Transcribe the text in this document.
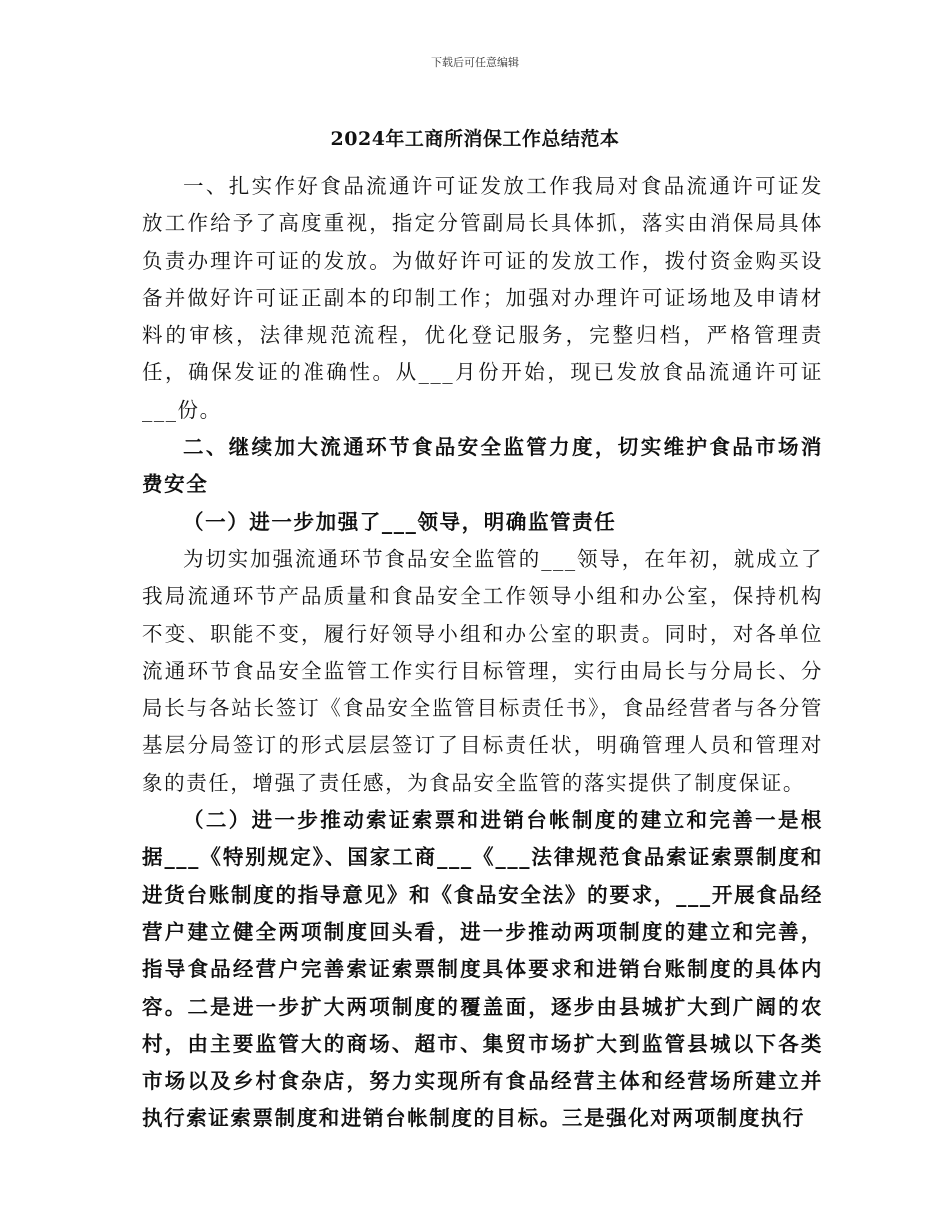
下载后可任意编辑
2024年工商所消保工作总结范本

一、扎实作好食品流通许可证发放工作我局对食品流通许可证发放工作给予了高度重视，指定分管副局长具体抓，落实由消保局具体负责办理许可证的发放。为做好许可证的发放工作，拨付资金购买设备并做好许可证正副本的印制工作；加强对办理许可证场地及申请材料的审核，法律规范流程，优化登记服务，完整归档，严格管理责任，确保发证的准确性。从___月份开始，现已发放食品流通许可证___份。

二、继续加大流通环节食品安全监管力度，切实维护食品市场消费安全

（一）进一步加强了___领导，明确监管责任

为切实加强流通环节食品安全监管的___领导，在年初，就成立了我局流通环节产品质量和食品安全工作领导小组和办公室，保持机构不变、职能不变，履行好领导小组和办公室的职责。同时，对各单位流通环节食品安全监管工作实行目标管理，实行由局长与分局长、分局长与各站长签订《食品安全监管目标责任书》，食品经营者与各分管基层分局签订的形式层层签订了目标责任状，明确管理人员和管理对象的责任，增强了责任感，为食品安全监管的落实提供了制度保证。

（二）进一步推动索证索票和进销台帐制度的建立和完善一是根据___《特别规定》、国家工商___《___法律规范食品索证索票制度和进货台账制度的指导意见》和《食品安全法》的要求，___开展食品经营户建立健全两项制度回头看，进一步推动两项制度的建立和完善，指导食品经营户完善索证索票制度具体要求和进销台账制度的具体内容。二是进一步扩大两项制度的覆盖面，逐步由县城扩大到广阔的农村，由主要监管大的商场、超市、集贸市场扩大到监管县城以下各类市场以及乡村食杂店，努力实现所有食品经营主体和经营场所建立并执行索证索票制度和进销台帐制度的目标。三是强化对两项制度执行
